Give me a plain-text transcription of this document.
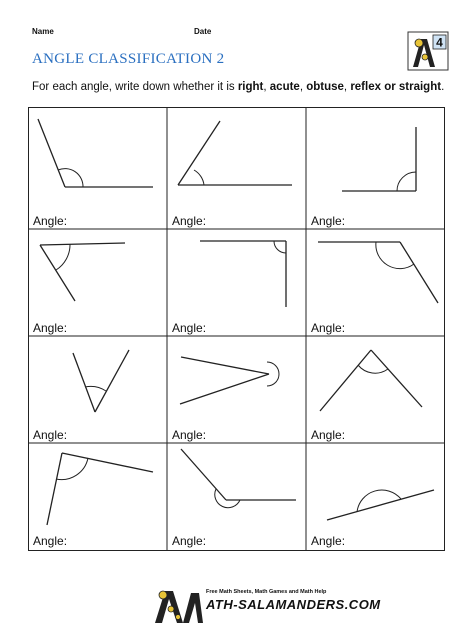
Name	Date
4
ANGLE CLASSIFICATION 2
For each angle, write down whether it is right, acute, obtuse, reflex or straight.
Angle:	Angle:	Angle:
Angle:	Angle:	Angle:
Angle:	Angle:	Angle:
Angle:	Angle:	Angle:
Free Math Sheets, Math Games and Math Help
ATH-SALAMANDERS.COM
